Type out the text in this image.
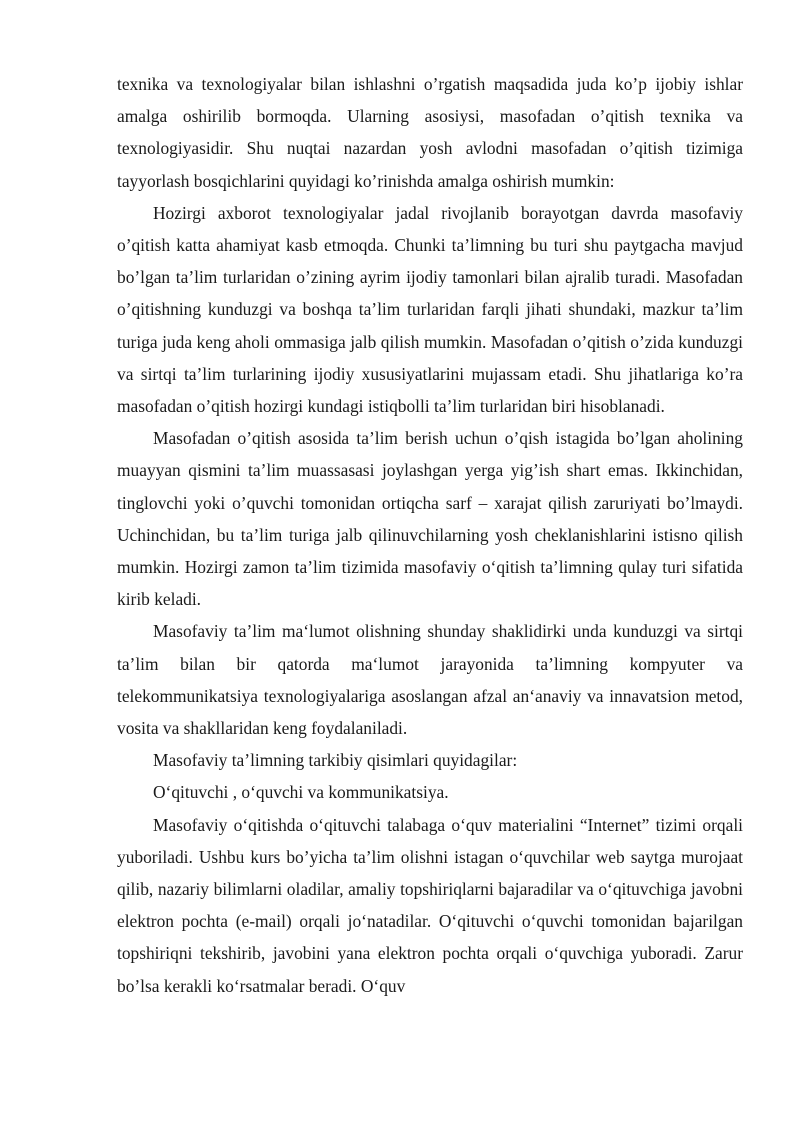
texnika va texnologiyalar bilan ishlashni o’rgatish maqsadida juda ko’p ijobiy ishlar amalga oshirilib bormoqda. Ularning asosiysi, masofadan o’qitish texnika va texnologiyasidir. Shu nuqtai nazardan yosh avlodni masofadan o’qitish tizimiga tayyorlash bosqichlarini quyidagi ko’rinishda amalga oshirish mumkin:

Hozirgi axborot texnologiyalar jadal rivojlanib borayotgan davrda masofaviy o’qitish katta ahamiyat kasb etmoqda. Chunki ta’limning bu turi shu paytgacha mavjud bo’lgan ta’lim turlaridan o’zining ayrim ijodiy tamonlari bilan ajralib turadi. Masofadan o’qitishning kunduzgi va boshqa ta’lim turlaridan farqli jihati shundaki, mazkur ta’lim turiga juda keng aholi ommasiga jalb qilish mumkin. Masofadan o’qitish o’zida kunduzgi va sirtqi ta’lim turlarining ijodiy xususiyatlarini mujassam etadi. Shu jihatlariga ko’ra masofadan o’qitish hozirgi kundagi istiqbolli ta’lim turlaridan biri hisoblanadi.

Masofadan o’qitish asosida ta’lim berish uchun o’qish istagida bo’lgan aholining muayyan qismini ta’lim muassasasi joylashgan yerga yig’ish shart emas. Ikkinchidan, tinglovchi yoki o’quvchi tomonidan ortiqcha sarf – xarajat qilish zaruriyati bo’lmaydi. Uchinchidan, bu ta’lim turiga jalb qilinuvchilarning yosh cheklanishlarini istisno qilish mumkin. Hozirgi zamon ta’lim tizimida masofaviy o‘qitish ta’limning qulay turi sifatida kirib keladi.

Masofaviy ta’lim ma‘lumot olishning shunday shaklidirki unda kunduzgi va sirtqi ta’lim bilan bir qatorda ma‘lumot jarayonida ta’limning kompyuter va telekommunikatsiya texnologiyalariga asoslangan afzal an‘anaviy va innavatsion metod, vosita va shakllaridan keng foydalaniladi.

Masofaviy ta’limning tarkibiy qisimlari quyidagilar:

O‘qituvchi , o‘quvchi va kommunikatsiya.

Masofaviy o‘qitishda o‘qituvchi talabaga o‘quv materialini “Internet” tizimi orqali yuboriladi. Ushbu kurs bo’yicha ta’lim olishni istagan o‘quvchilar web saytga murojaat qilib, nazariy bilimlarni oladilar, amaliy topshiriqlarni bajaradilar va o‘qituvchiga javobni elektron pochta (e-mail) orqali jo‘natadilar. O‘qituvchi o‘quvchi tomonidan bajarilgan topshiriqni tekshirib, javobini yana elektron pochta orqali o‘quvchiga yuboradi. Zarur bo’lsa kerakli ko‘rsatmalar beradi. O‘quv
